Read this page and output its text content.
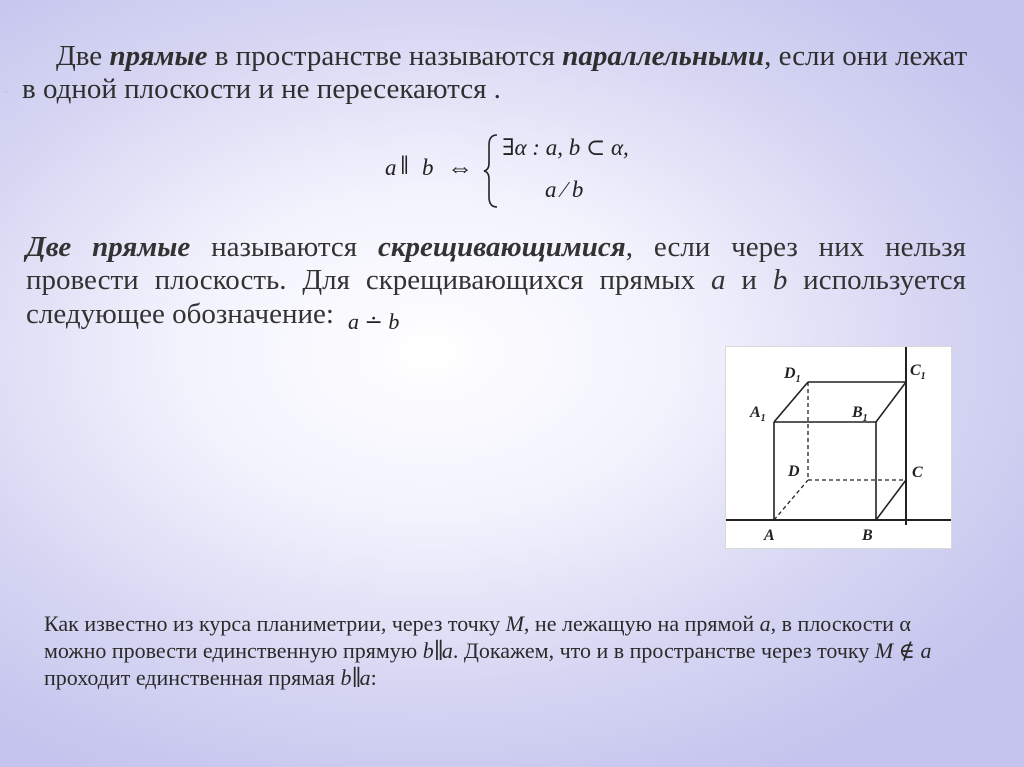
.

Две прямые в пространстве называются параллельными, если они лежат в одной плоскости и не пересекаются .

a ∥ b ⇔
∃α : a, b ⊂ α,
a ∕ b

Две прямые называются скрещивающимися, если через них нельзя провести плоскость. Для скрещивающихся прямых a и b используется следующее обозначение: a ∸ b

$D_1$
$C_1$
$A_1$	$B_1$
D	C
A	B

Как известно из курса планиметрии, через точку M, не лежащую на прямой a, в плоскости α можно провести единственную прямую b∥a. Докажем, что и в пространстве через точку M ∉ a проходит единственная прямая b∥a:
